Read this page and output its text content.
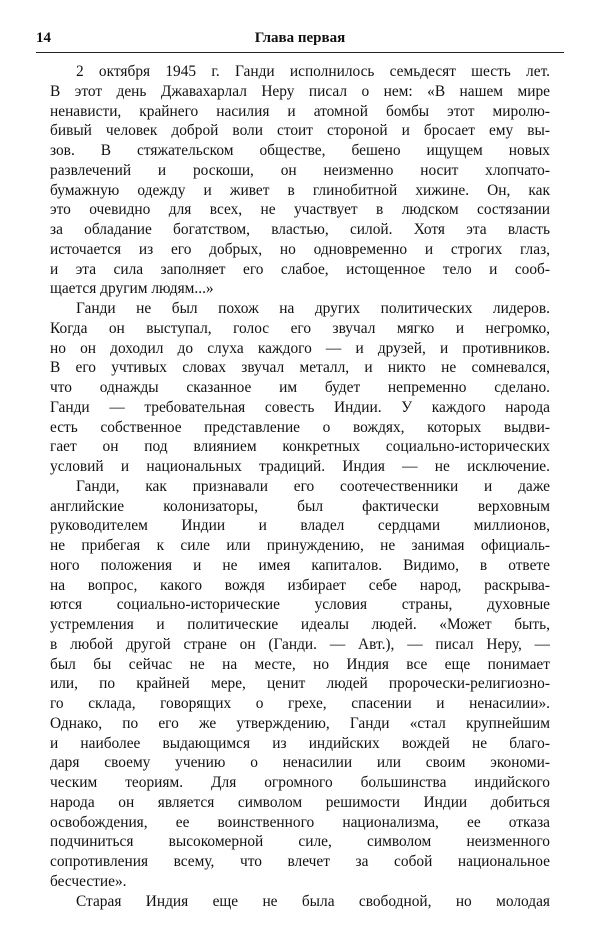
14	Глава первая
2 октября 1945 г. Ганди исполнилось семьдесят шесть лет.
В этот день Джавахарлал Неру писал о нем: «В нашем мире
ненависти, крайнего насилия и атомной бомбы этот миролю-
бивый человек доброй воли стоит стороной и бросает ему вы-
зов. В стяжательском обществе, бешено ищущем новых
развлечений и роскоши, он неизменно носит хлопчато-
бумажную одежду и живет в глинобитной хижине. Он, как
это очевидно для всех, не участвует в людском состязании
за обладание богатством, властью, силой. Хотя эта власть
источается из его добрых, но одновременно и строгих глаз,
и эта сила заполняет его слабое, истощенное тело и сооб-
щается другим людям...»
Ганди не был похож на других политических лидеров.
Когда он выступал, голос его звучал мягко и негромко,
но он доходил до слуха каждого — и друзей, и противников.
В его учтивых словах звучал металл, и никто не сомневался,
что однажды сказанное им будет непременно сделано.
Ганди — требовательная совесть Индии. У каждого народа
есть собственное представление о вождях, которых выдви-
гает он под влиянием конкретных социально-исторических
условий и национальных традиций. Индия — не исключение.
Ганди, как признавали его соотечественники и даже
английские колонизаторы, был фактически верховным
руководителем Индии и владел сердцами миллионов,
не прибегая к силе или принуждению, не занимая официаль-
ного положения и не имея капиталов. Видимо, в ответе
на вопрос, какого вождя избирает себе народ, раскрыва-
ются социально-исторические условия страны, духовные
устремления и политические идеалы людей. «Может быть,
в любой другой стране он (Ганди. — Авт.), — писал Неру, —
был бы сейчас не на месте, но Индия все еще понимает
или, по крайней мере, ценит людей пророчески-религиозно-
го склада, говорящих о грехе, спасении и ненасилии».
Однако, по его же утверждению, Ганди «стал крупнейшим
и наиболее выдающимся из индийских вождей не благо-
даря своему учению о ненасилии или своим экономи-
ческим теориям. Для огромного большинства индийского
народа он является символом решимости Индии добиться
освобождения, ее воинственного национализма, ее отказа
подчиниться высокомерной силе, символом неизменного
сопротивления всему, что влечет за собой национальное
бесчестие».
Старая Индия еще не была свободной, но молодая
